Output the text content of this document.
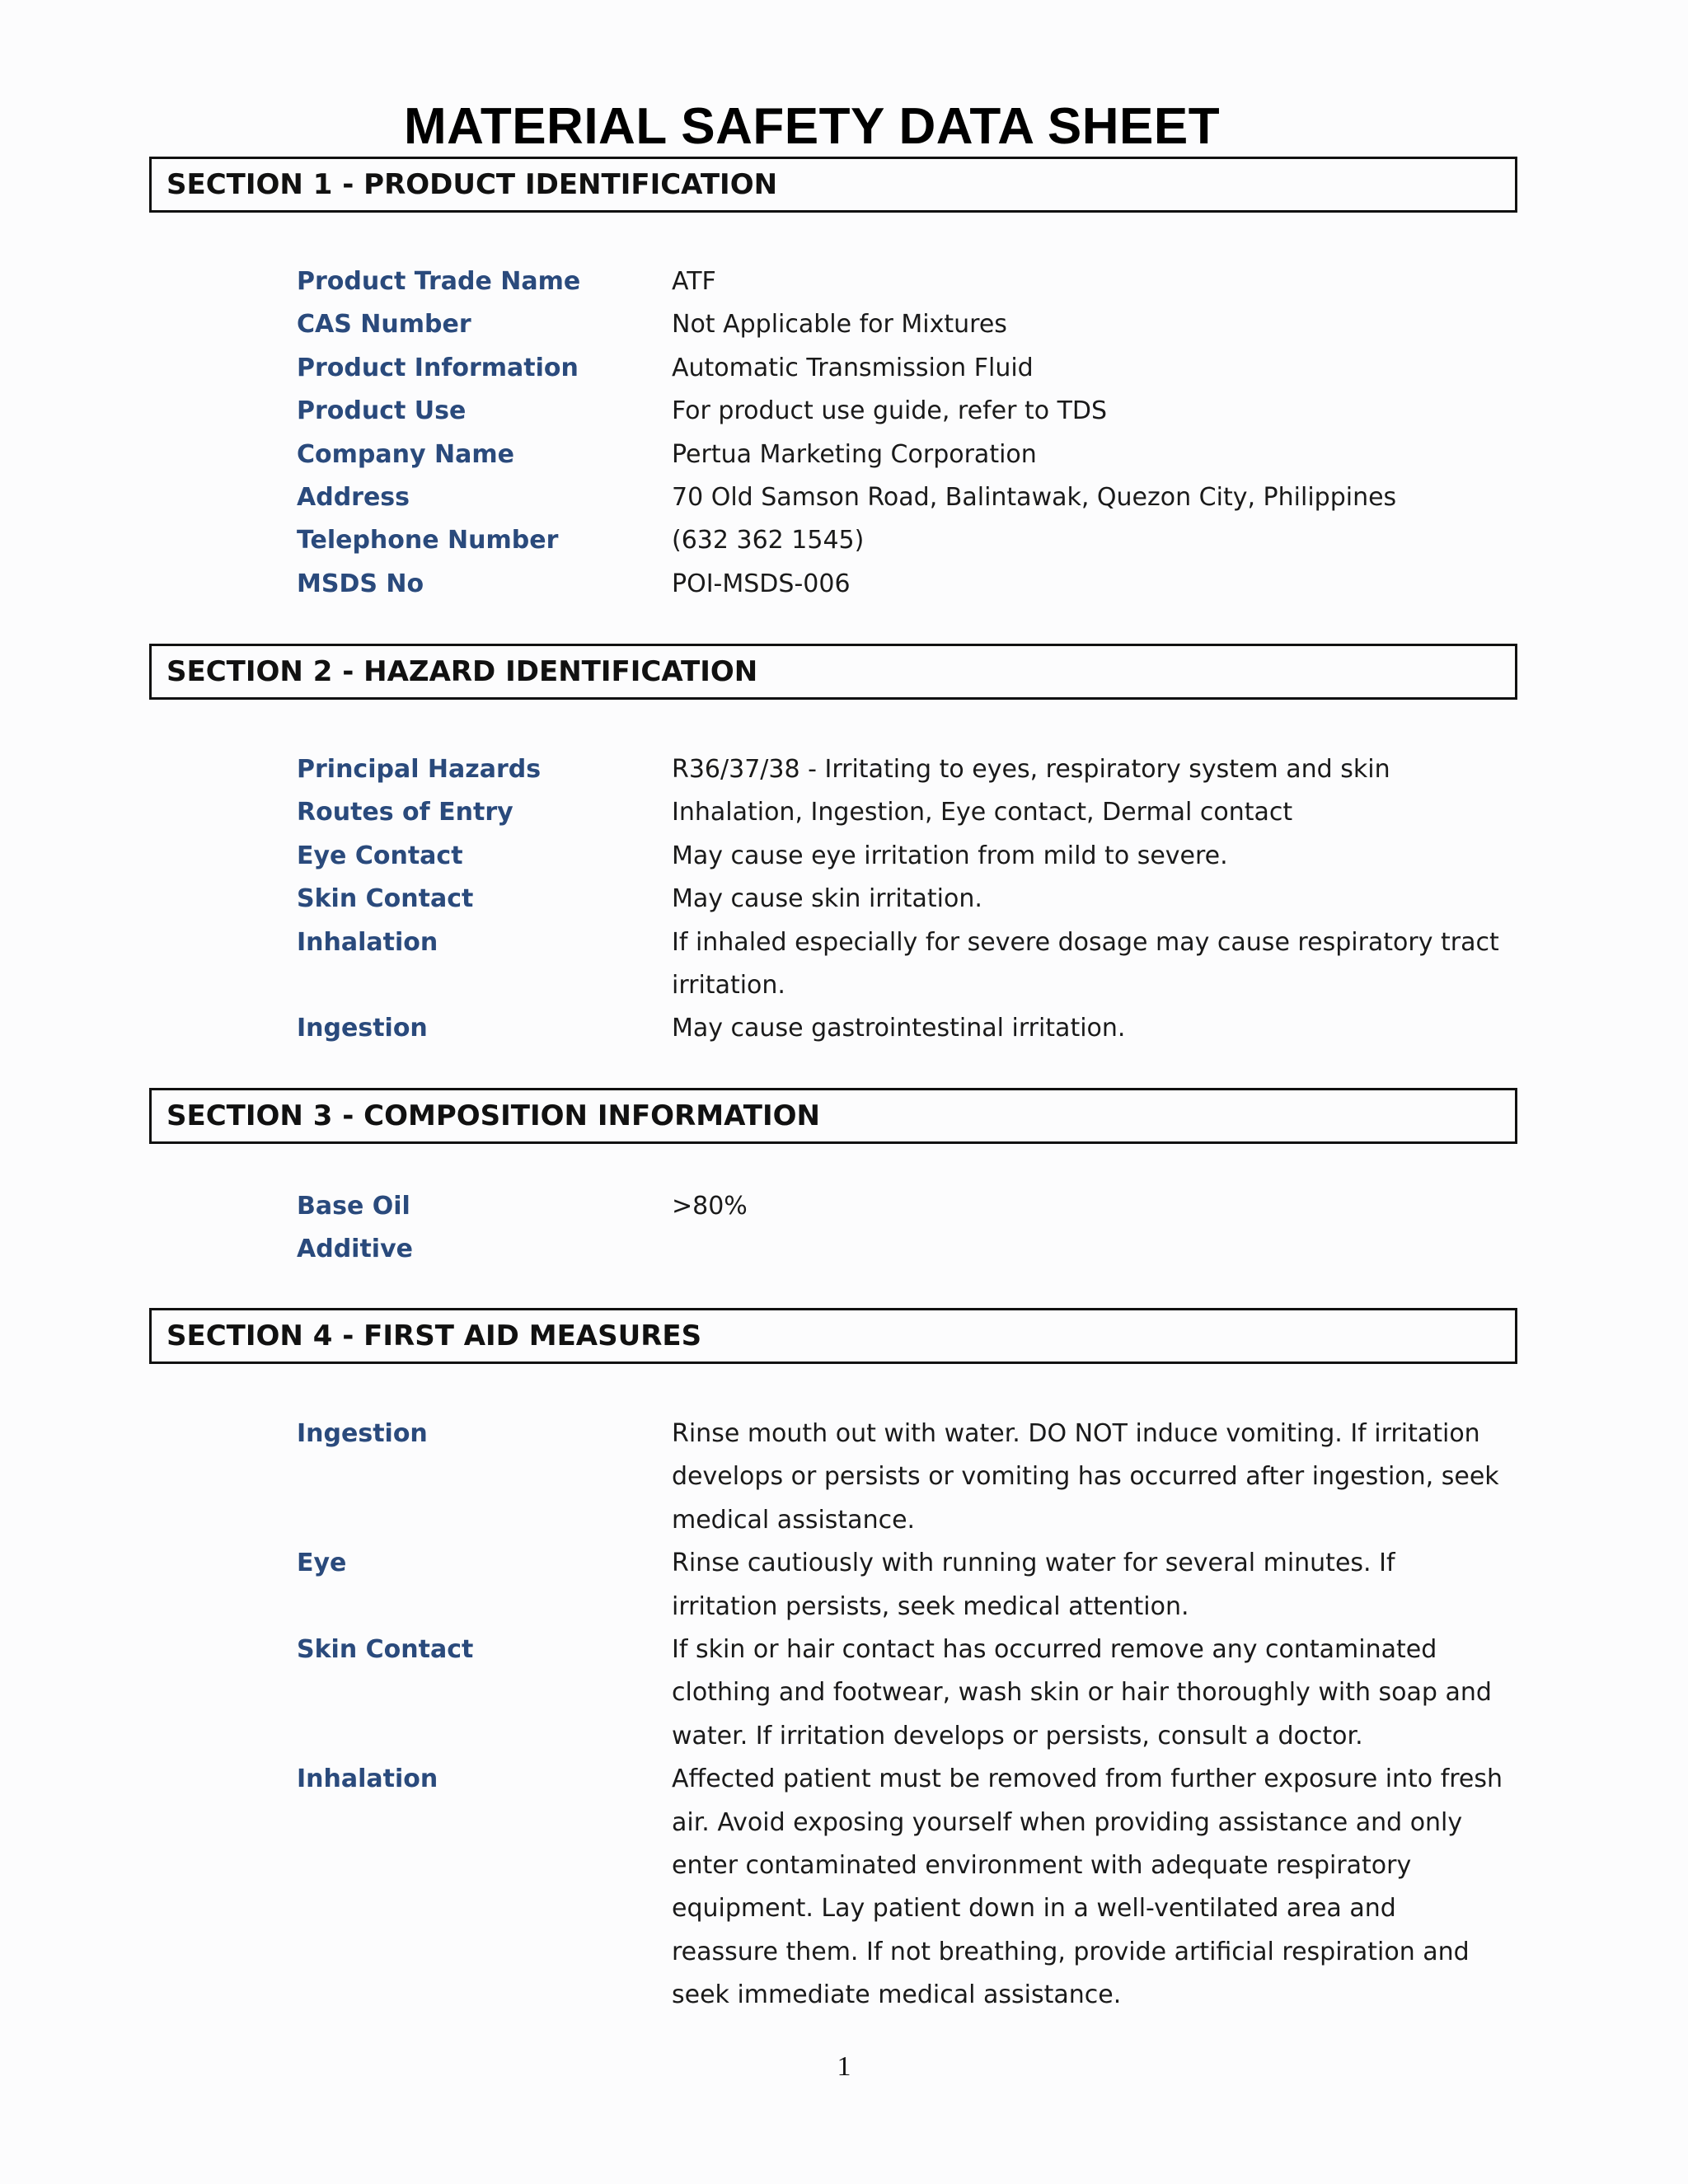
MATERIAL SAFETY DATA SHEET
SECTION 1 - PRODUCT IDENTIFICATION
Product Trade Name	ATF
CAS Number	Not Applicable for Mixtures
Product Information	Automatic Transmission Fluid
Product Use	For product use guide, refer to TDS
Company Name	Pertua Marketing Corporation
Address	70 Old Samson Road, Balintawak, Quezon City, Philippines
Telephone Number	(632 362 1545)
MSDS No	POI-MSDS-006
SECTION 2 - HAZARD IDENTIFICATION
Principal Hazards	R36/37/38 - Irritating to eyes, respiratory system and skin
Routes of Entry	Inhalation, Ingestion, Eye contact, Dermal contact
Eye Contact	May cause eye irritation from mild to severe.
Skin Contact	May cause skin irritation.
Inhalation	If inhaled especially for severe dosage may cause respiratory tract irritation.
Ingestion	May cause gastrointestinal irritation.
SECTION 3 - COMPOSITION INFORMATION
Base Oil	>80%
Additive
SECTION 4 - FIRST AID MEASURES
Ingestion	Rinse mouth out with water. DO NOT induce vomiting. If irritation develops or persists or vomiting has occurred after ingestion, seek medical assistance.
Eye	Rinse cautiously with running water for several minutes. If irritation persists, seek medical attention.
Skin Contact	If skin or hair contact has occurred remove any contaminated clothing and footwear, wash skin or hair thoroughly with soap and water. If irritation develops or persists, consult a doctor.
Inhalation	Affected patient must be removed from further exposure into fresh air. Avoid exposing yourself when providing assistance and only enter contaminated environment with adequate respiratory equipment. Lay patient down in a well-ventilated area and reassure them. If not breathing, provide artificial respiration and seek immediate medical assistance.
1
